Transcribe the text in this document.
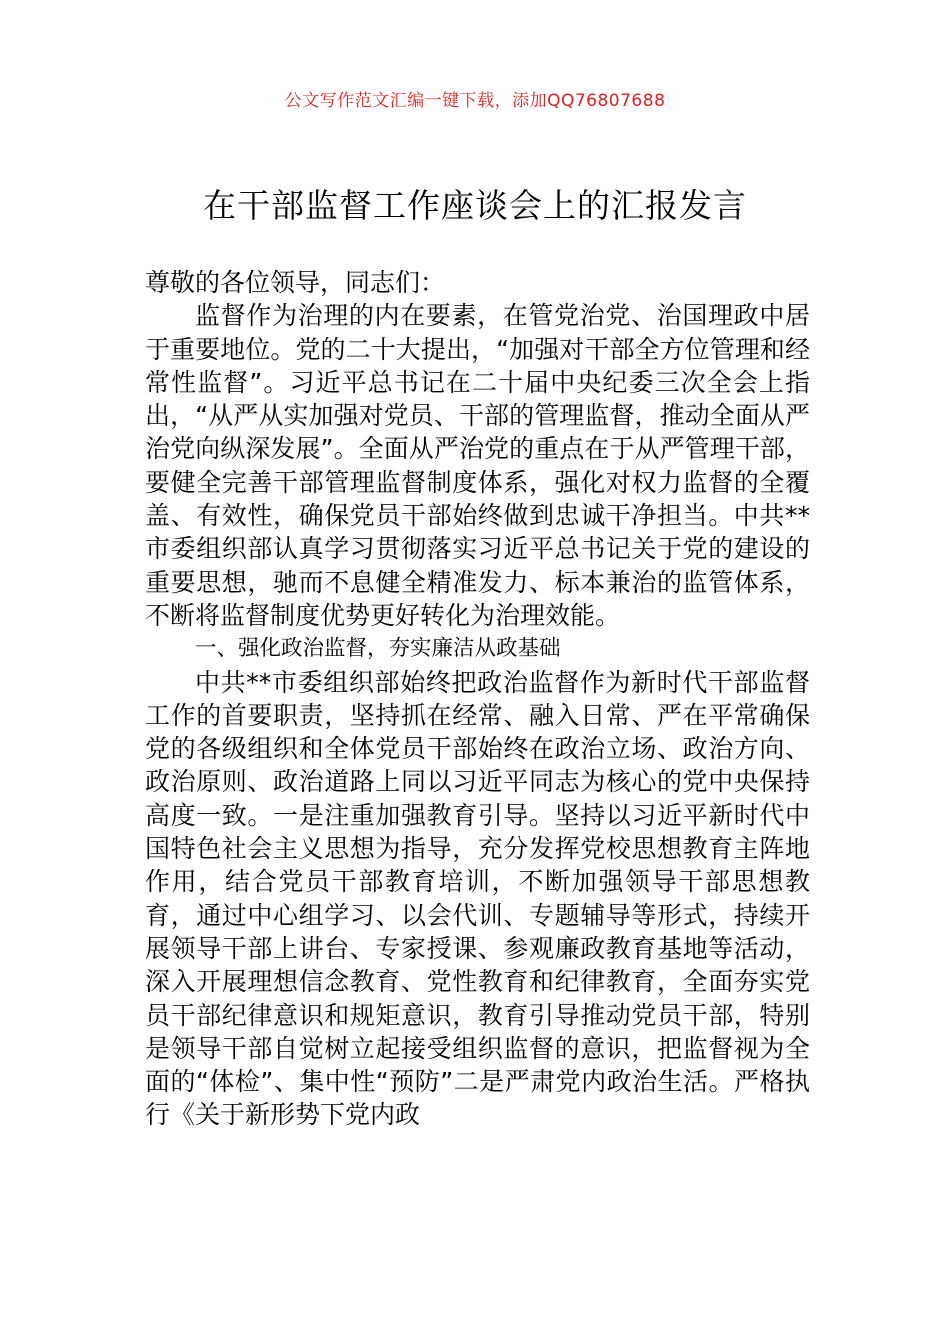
公文写作范文汇编一键下载，添加QQ76807688
在干部监督工作座谈会上的汇报发言

尊敬的各位领导，同志们：

监督作为治理的内在要素，在管党治党、治国理政中居于重要地位。党的二十大提出，“加强对干部全方位管理和经常性监督”。习近平总书记在二十届中央纪委三次全会上指出，“从严从实加强对党员、干部的管理监督，推动全面从严治党向纵深发展”。全面从严治党的重点在于从严管理干部，要健全完善干部管理监督制度体系，强化对权力监督的全覆盖、有效性，确保党员干部始终做到忠诚干净担当。中共**市委组织部认真学习贯彻落实习近平总书记关于党的建设的重要思想，驰而不息健全精准发力、标本兼治的监管体系，不断将监督制度优势更好转化为治理效能。

一、强化政治监督，夯实廉洁从政基础

中共**市委组织部始终把政治监督作为新时代干部监督工作的首要职责，坚持抓在经常、融入日常、严在平常确保党的各级组织和全体党员干部始终在政治立场、政治方向、政治原则、政治道路上同以习近平同志为核心的党中央保持高度一致。一是注重加强教育引导。坚持以习近平新时代中国特色社会主义思想为指导，充分发挥党校思想教育主阵地作用，结合党员干部教育培训，不断加强领导干部思想教育，通过中心组学习、以会代训、专题辅导等形式，持续开展领导干部上讲台、专家授课、参观廉政教育基地等活动，深入开展理想信念教育、党性教育和纪律教育，全面夯实党员干部纪律意识和规矩意识，教育引导推动党员干部，特别是领导干部自觉树立起接受组织监督的意识，把监督视为全面的“体检”、集中性“预防”二是严肃党内政治生活。严格执行《关于新形势下党内政
